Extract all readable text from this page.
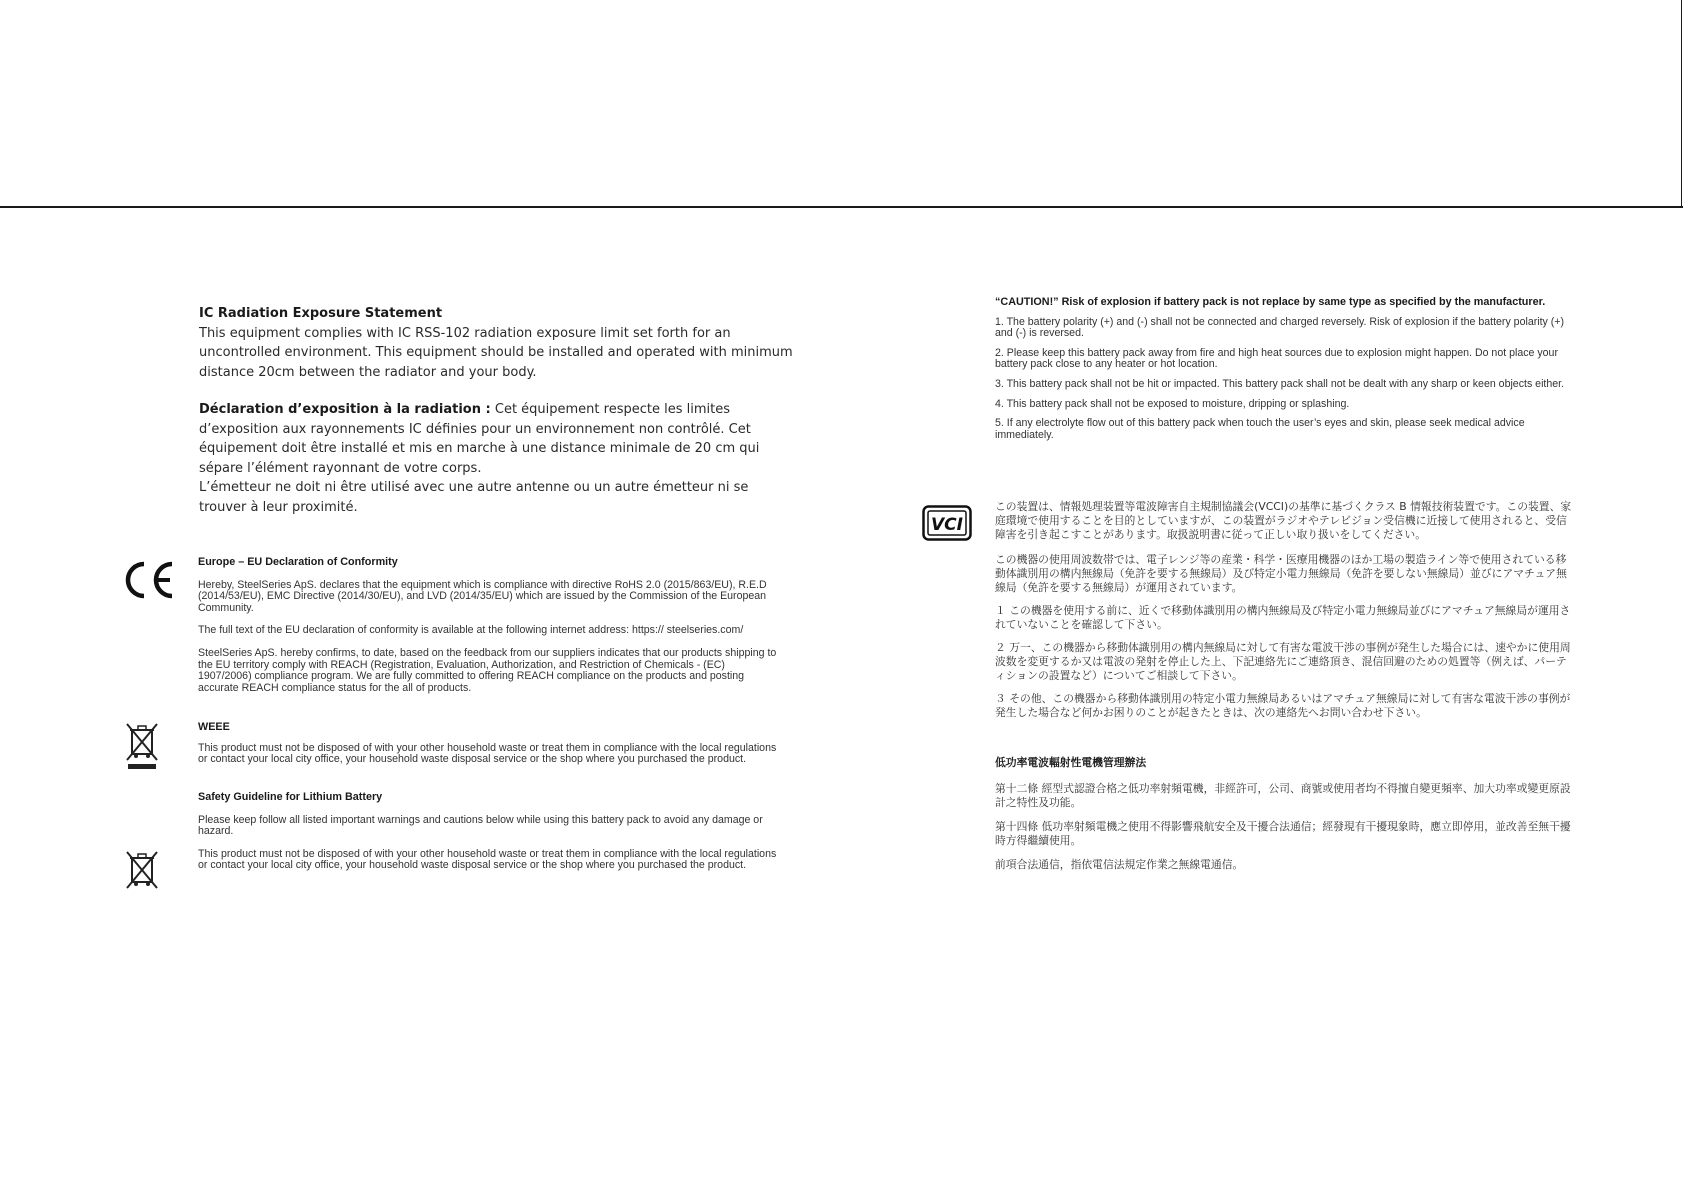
IC Radiation Exposure Statement

This equipment complies with IC RSS-102 radiation exposure limit set forth for an uncontrolled environment. This equipment should be installed and operated with minimum distance 20cm between the radiator and your body.

Déclaration d’exposition à la radiation : Cet équipement respecte les limites d’exposition aux rayonnements IC définies pour un environnement non contrôlé. Cet équipement doit être installé et mis en marche à une distance minimale de 20 cm qui sépare l’élément rayonnant de votre corps.

L’émetteur ne doit ni être utilisé avec une autre antenne ou un autre émetteur ni se trouver à leur proximité.

Europe – EU Declaration of Conformity

Hereby, SteelSeries ApS. declares that the equipment which is compliance with directive RoHS 2.0 (2015/863/EU), R.E.D (2014/53/EU), EMC Directive (2014/30/EU), and LVD (2014/35/EU) which are issued by the Commission of the European Community.

The full text of the EU declaration of conformity is available at the following internet address: https:// steelseries.com/

SteelSeries ApS. hereby confirms, to date, based on the feedback from our suppliers indicates that our products shipping to the EU territory comply with REACH (Registration, Evaluation, Authorization, and Restriction of Chemicals - (EC) 1907/2006) compliance program. We are fully committed to offering REACH compliance on the products and posting accurate REACH compliance status for the all of products.

WEEE

This product must not be disposed of with your other household waste or treat them in compliance with the local regulations or contact your local city office, your household waste disposal service or the shop where you purchased the product.

Safety Guideline for Lithium Battery

Please keep follow all listed important warnings and cautions below while using this battery pack to avoid any damage or hazard.

This product must not be disposed of with your other household waste or treat them in compliance with the local regulations or contact your local city office, your household waste disposal service or the shop where you purchased the product.

“CAUTION!” Risk of explosion if battery pack is not replace by same type as specified by the manufacturer.

1. The battery polarity (+) and (-) shall not be connected and charged reversely. Risk of explosion if the battery polarity (+) and (-) is reversed.

2. Please keep this battery pack away from fire and high heat sources due to explosion might happen. Do not place your battery pack close to any heater or hot location.

3. This battery pack shall not be hit or impacted. This battery pack shall not be dealt with any sharp or keen objects either.

4. This battery pack shall not be exposed to moisture, dripping or splashing.

5. If any electrolyte flow out of this battery pack when touch the user’s eyes and skin, please seek medical advice immediately.

VCI

この装置は、情報処理装置等電波障害自主規制協議会(VCCI)の基準に基づくクラス B 情報技術装置です。この装置、家庭環境で使用することを目的としていますが、この装置がラジオやテレビジョン受信機に近接して使用されると、受信障害を引き起こすことがあります。取扱説明書に従って正しい取り扱いをしてください。

この機器の使用周波数帯では、電子レンジ等の産業・科学・医療用機器のほか工場の製造ライン等で使用されている移動体識別用の構内無線局（免許を要する無線局）及び特定小電力無線局（免許を要しない無線局）並びにアマチュア無線局（免許を要する無線局）が運用されています。

１ この機器を使用する前に、近くで移動体識別用の構内無線局及び特定小電力無線局並びにアマチュア無線局が運用されていないことを確認して下さい。

２ 万一、この機器から移動体識別用の構内無線局に対して有害な電波干渉の事例が発生した場合には、速やかに使用周波数を変更するか又は電波の発射を停止した上、下記連絡先にご連絡頂き、混信回避のための処置等（例えば、パーティションの設置など）についてご相談して下さい。

３ その他、この機器から移動体識別用の特定小電力無線局あるいはアマチュア無線局に対して有害な電波干渉の事例が発生した場合など何かお困りのことが起きたときは、次の連絡先へお問い合わせ下さい。

低功率電波輻射性電機管理辦法

第十二條 經型式認證合格之低功率射頻電機，非經許可，公司、商號或使用者均不得擅自變更頻率、加大功率或變更原設計之特性及功能。

第十四條 低功率射頻電機之使用不得影響飛航安全及干擾合法通信；經發現有干擾現象時，應立即停用，並改善至無干擾時方得繼續使用。

前項合法通信，指依電信法規定作業之無線電通信。
